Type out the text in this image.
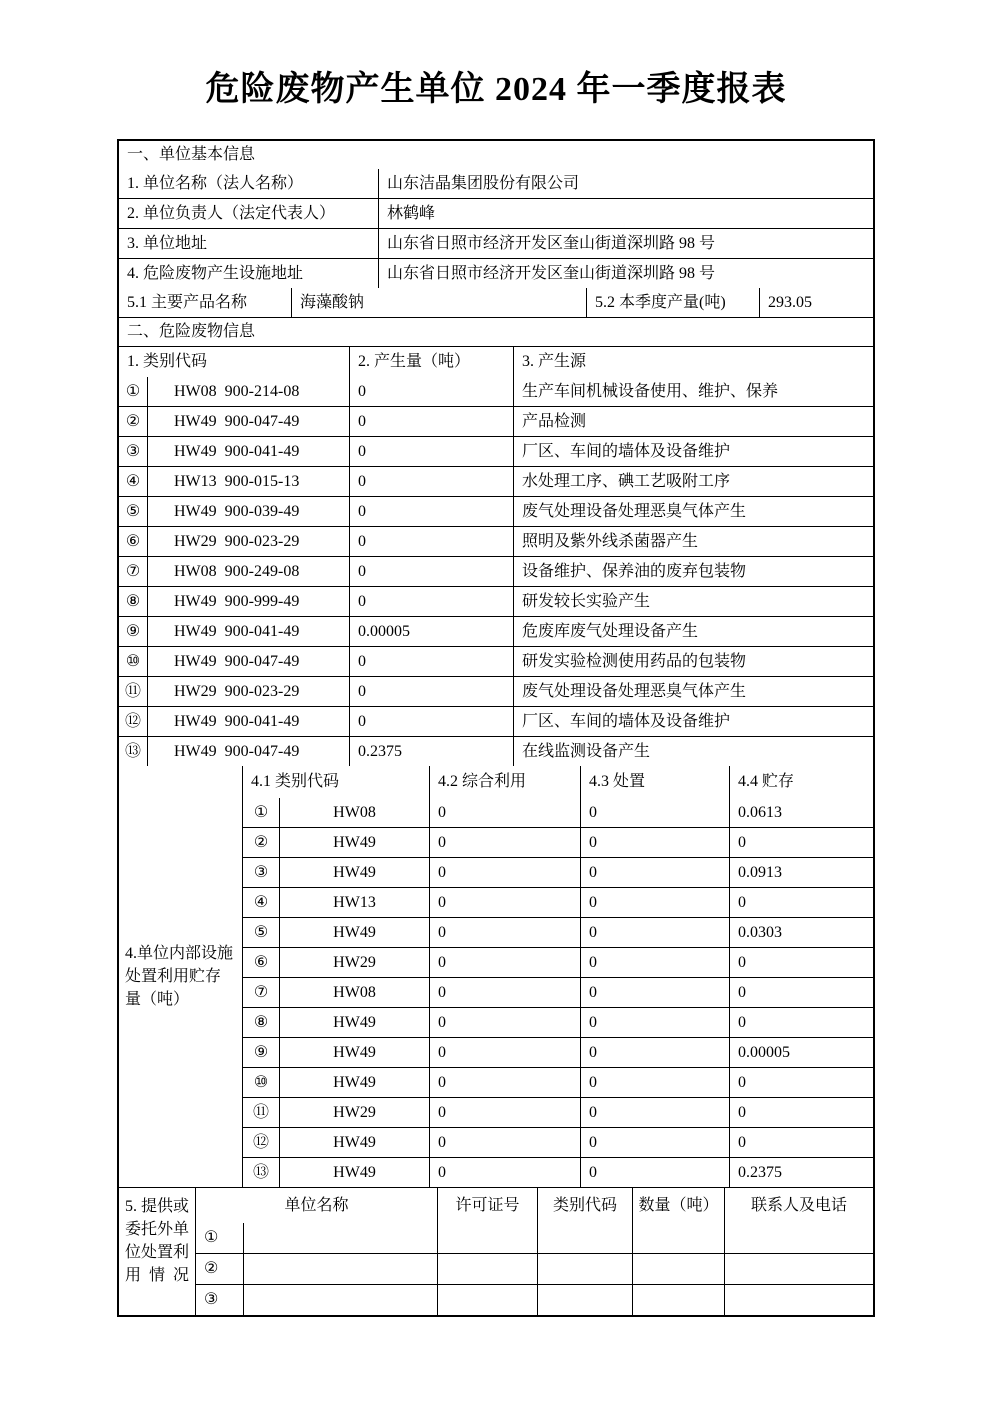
危险废物产生单位 2024 年一季度报表
一、单位基本信息
1. 单位名称（法人名称）	山东洁晶集团股份有限公司
2. 单位负责人（法定代表人）	林鹤峰
3. 单位地址	山东省日照市经济开发区奎山街道深圳路 98 号
4. 危险废物产生设施地址	山东省日照市经济开发区奎山街道深圳路 98 号
5.1 主要产品名称	海藻酸钠	5.2 本季度产量(吨)	293.05
二、危险废物信息
1. 类别代码	2. 产生量（吨）	3. 产生源
①	HW08  900-214-08	0	生产车间机械设备使用、维护、保养
②	HW49  900-047-49	0	产品检测
③	HW49  900-041-49	0	厂区、车间的墙体及设备维护
④	HW13  900-015-13	0	水处理工序、碘工艺吸附工序
⑤	HW49  900-039-49	0	废气处理设备处理恶臭气体产生
⑥	HW29  900-023-29	0	照明及紫外线杀菌器产生
⑦	HW08  900-249-08	0	设备维护、保养油的废弃包装物
⑧	HW49  900-999-49	0	研发较长实验产生
⑨	HW49  900-041-49	0.00005	危废库废气处理设备产生
⑩	HW49  900-047-49	0	研发实验检测使用药品的包装物
⑪	HW29  900-023-29	0	废气处理设备处理恶臭气体产生
⑫	HW49  900-041-49	0	厂区、车间的墙体及设备维护
⑬	HW49  900-047-49	0.2375	在线监测设备产生
4.单位内部设施处置利用贮存量（吨）
4.1 类别代码	4.2 综合利用	4.3 处置	4.4 贮存
①	HW08	0	0	0.0613
②	HW49	0	0	0
③	HW49	0	0	0.0913
④	HW13	0	0	0
⑤	HW49	0	0	0.0303
⑥	HW29	0	0	0
⑦	HW08	0	0	0
⑧	HW49	0	0	0
⑨	HW49	0	0	0.00005
⑩	HW49	0	0	0
⑪	HW29	0	0	0
⑫	HW49	0	0	0
⑬	HW49	0	0	0.2375
5. 提供或委托外单位处置利用情况
单位名称	许可证号	类别代码	数量（吨）	联系人及电话
①
②
③
